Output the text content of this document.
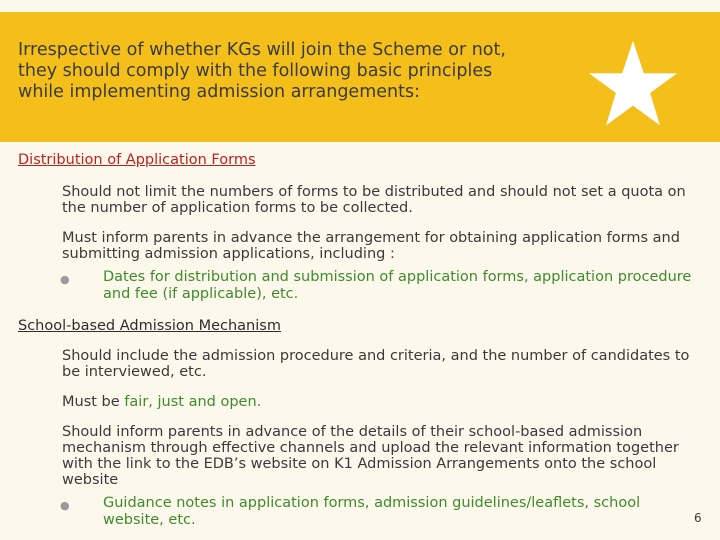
Irrespective of whether KGs will join the Scheme or not,
they should comply with the following basic principles
while implementing admission arrangements:
Distribution of Application Forms
Should not limit the numbers of forms to be distributed and should not set a quota on the number of application forms to be collected.
Must inform parents in advance the arrangement for obtaining application forms and submitting admission applications, including :
● Dates for distribution and submission of application forms, application procedure and fee (if applicable), etc.
School-based Admission Mechanism
Should include the admission procedure and criteria, and the number of candidates to be interviewed, etc.
Must be fair, just and open.
Should inform parents in advance of the details of their school-based admission mechanism through effective channels and upload the relevant information together with the link to the EDB’s website on K1 Admission Arrangements onto the school website
● Guidance notes in application forms, admission guidelines/leaflets, school website, etc.	6
